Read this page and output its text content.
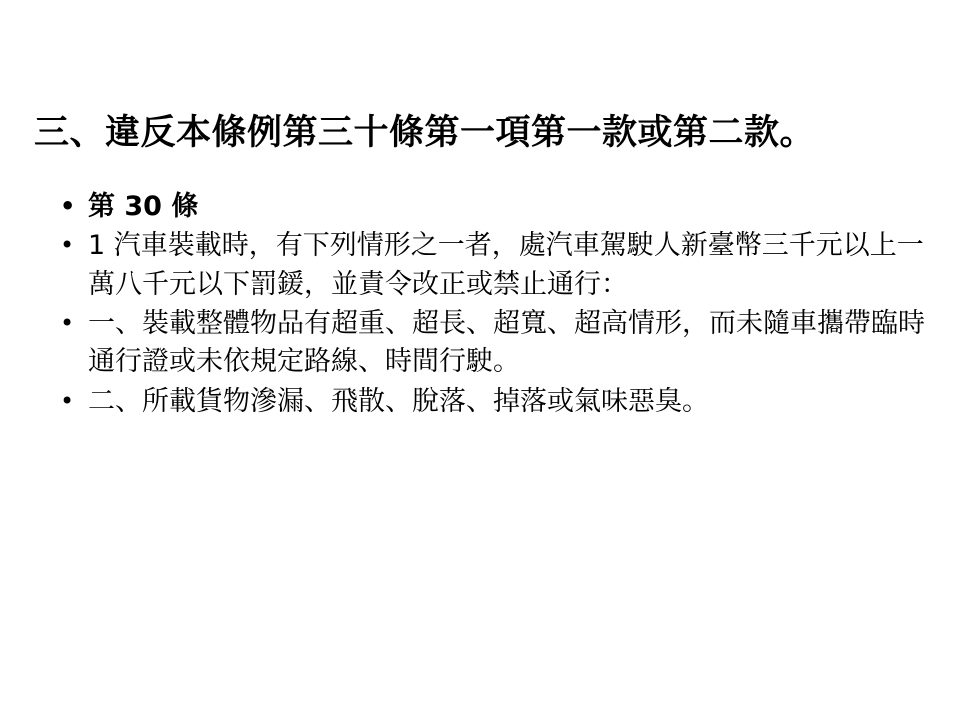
三、違反本條例第三十條第一項第一款或第二款。
• 第 30 條
• 1 汽車裝載時，有下列情形之一者，處汽車駕駛人新臺幣三千元以上一萬八千元以下罰鍰，並責令改正或禁止通行：
• 一、裝載整體物品有超重、超長、超寬、超高情形，而未隨車攜帶臨時通行證或未依規定路線、時間行駛。
• 二、所載貨物滲漏、飛散、脫落、掉落或氣味惡臭。
